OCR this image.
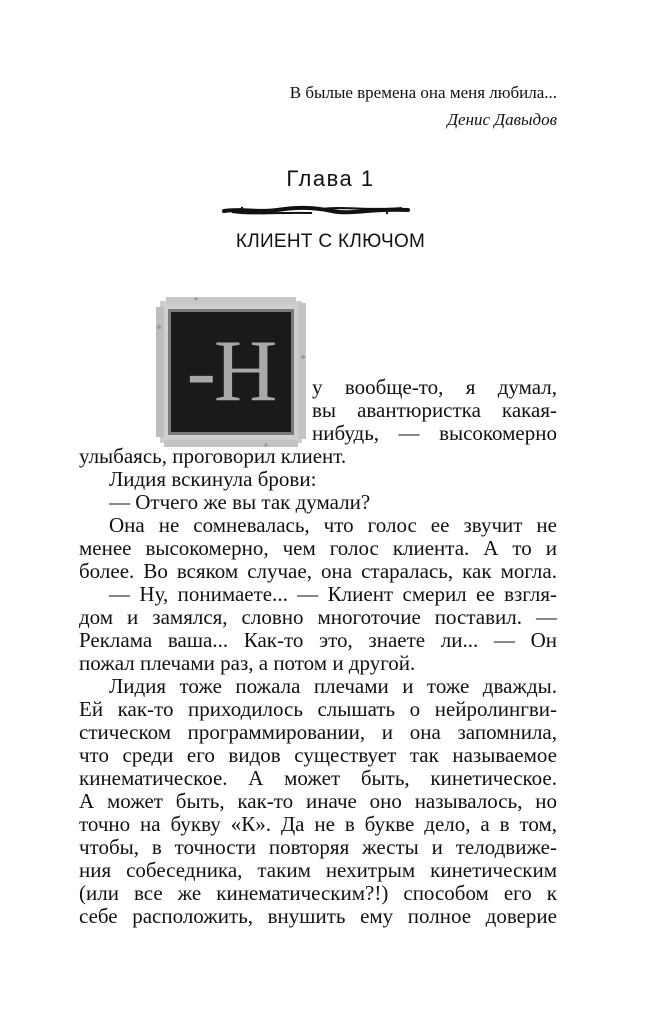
В былые времена она меня любила...
Денис Давыдов
Глава 1
КЛИЕНТ С КЛЮЧОМ
-Н	у вообще-то, я думал,
вы авантюристка какая-
нибудь, — высокомерно
улыбаясь, проговорил клиент.
Лидия вскинула брови:
— Отчего же вы так думали?
Она не сомневалась, что голос ее звучит не
менее высокомерно, чем голос клиента. А то и
более. Во всяком случае, она старалась, как могла.
— Ну, понимаете... — Клиент смерил ее взгля-
дом и замялся, словно многоточие поставил. —
Реклама ваша... Как-то это, знаете ли... — Он
пожал плечами раз, а потом и другой.
Лидия тоже пожала плечами и тоже дважды.
Ей как-то приходилось слышать о нейролингви-
стическом программировании, и она запомнила,
что среди его видов существует так называемое
кинематическое. А может быть, кинетическое.
А может быть, как-то иначе оно называлось, но
точно на букву «К». Да не в букве дело, а в том,
чтобы, в точности повторяя жесты и телодвиже-
ния собеседника, таким нехитрым кинетическим
(или все же кинематическим?!) способом его к
себе расположить, внушить ему полное доверие
